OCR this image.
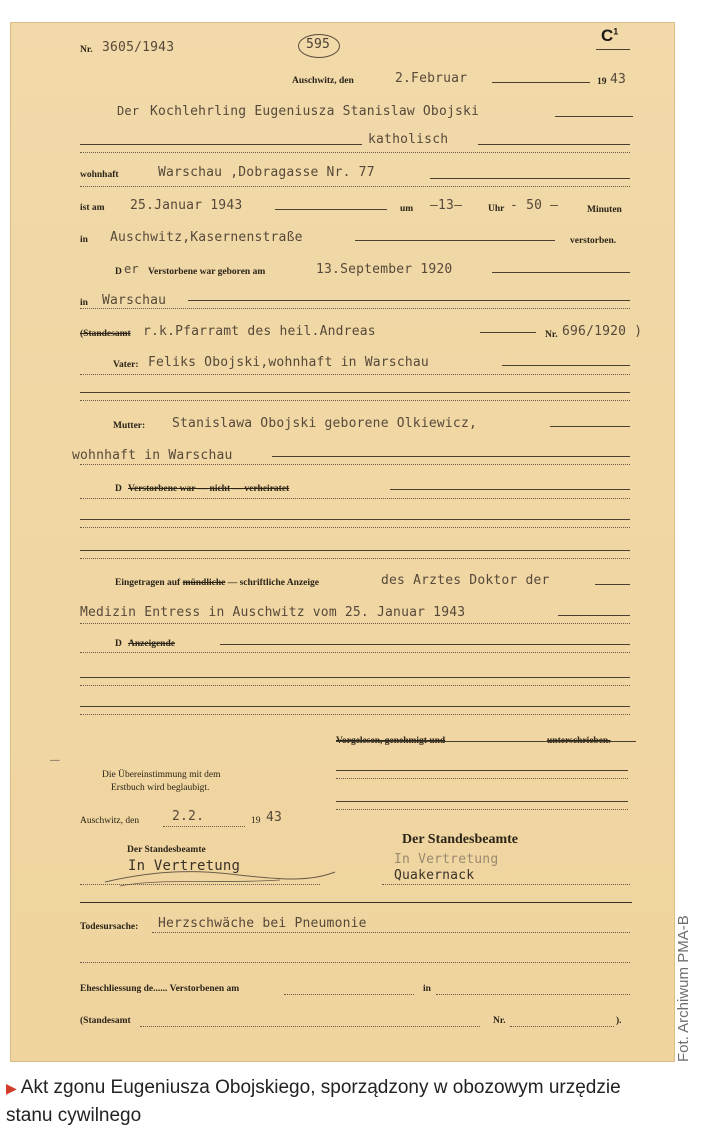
Nr. 3605/1943	595	$C^1$
Auschwitz, den	2.Februar	19 43
Der Kochlehrling Eugeniusza Stanislaw Obojski
katholisch
wohnhaft	Warschau ,Dobragasse Nr. 77
ist am 25.Januar 1943	um —13—	Uhr - 50 —	Minuten
in Auschwitz,Kasernenstraße	verstorben.
D er Verstorbene war geboren am	13.September 1920
in Warschau
(Standesamt r.k.Pfarramt des heil.Andreas	Nr. 696/1920 )
Vater: Feliks Obojski,wohnhaft in Warschau
Mutter: Stanislawa Obojski geborene Olkiewicz,
wohnhaft in Warschau
D Verstorbene war — nicht — verheiratet
Eingetragen auf mündliche — schriftliche Anzeige	des Arztes Doktor der
Medizin Entress in Auschwitz vom 25. Januar 1943
D Anzeigende
—
Vorgelesen, genehmigt und	unterschrieben.
Die Übereinstimmung mit dem
Erstbuch wird beglaubigt.
Auschwitz, den	2.2.	19 43
Der Standesbeamte
In Vertretung
Der Standesbeamte
In Vertretung
Quakernack
Todesursache: Herzschwäche bei Pneumonie
Eheschliessung de...... Verstorbenen am	in
(Standesamt	Nr.	).	Fot. Archiwum PMA-B
▶ Akt zgonu Eugeniusza Obojskiego, sporządzony w obozowym urzędzie stanu cywilnego
